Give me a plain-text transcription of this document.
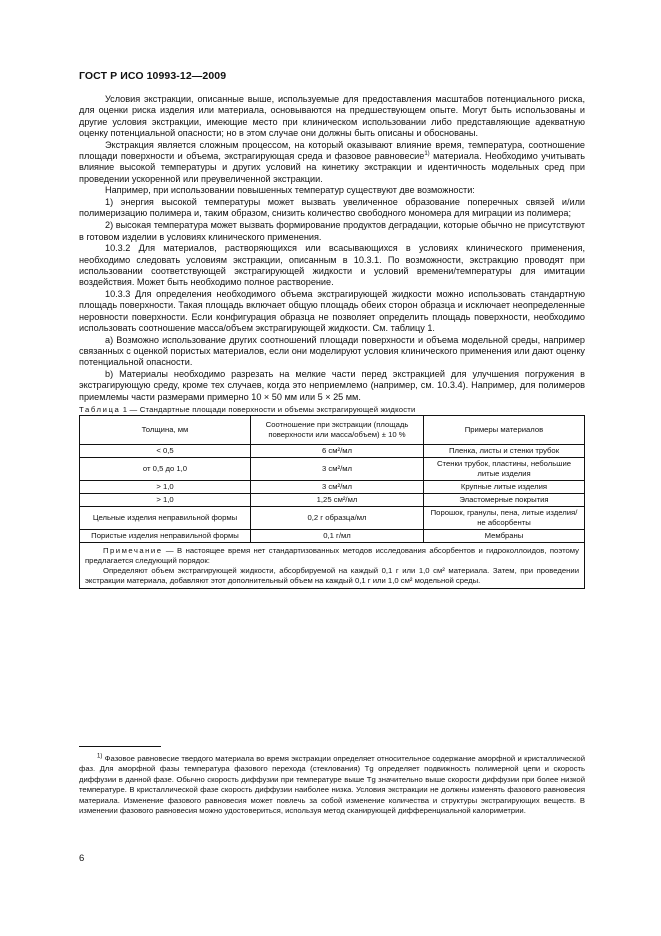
ГОСТ Р ИСО 10993-12—2009

Условия экстракции, описанные выше, используемые для предоставления масштабов потенциального риска, для оценки риска изделия или материала, основываются на предшествующем опыте. Могут быть использованы и другие условия экстракции, имеющие место при клиническом использовании либо представляющие адекватную оценку потенциальной опасности; но в этом случае они должны быть описаны и обоснованы.

Экстракция является сложным процессом, на который оказывают влияние время, температура, соотношение площади поверхности и объема, экстрагирующая среда и фазовое равновесие$^{1)}$ материала. Необходимо учитывать влияние высокой температуры и других условий на кинетику экстракции и идентичность модельных сред при проведении ускоренной или преувеличенной экстракции.

Например, при использовании повышенных температур существуют две возможности:

1) энергия высокой температуры может вызвать увеличенное образование поперечных связей и/или полимеризацию полимера и, таким образом, снизить количество свободного мономера для миграции из полимера;

2) высокая температура может вызвать формирование продуктов деградации, которые обычно не присутствуют в готовом изделии в условиях клинического применения.

10.3.2 Для материалов, растворяющихся или всасывающихся в условиях клинического применения, необходимо следовать условиям экстракции, описанным в 10.3.1. По возможности, экстракцию проводят при использовании соответствующей экстрагирующей жидкости и условий времени/температуры для имитации воздействия. Может быть необходимо полное растворение.

10.3.3 Для определения необходимого объема экстрагирующей жидкости можно использовать стандартную площадь поверхности. Такая площадь включает общую площадь обеих сторон образца и исключает неопределенные неровности поверхности. Если конфигурация образца не позволяет определить площадь поверхности, необходимо использовать соотношение масса/объем экстрагирующей жидкости. См. таблицу 1.

a) Возможно использование других соотношений площади поверхности и объема модельной среды, например связанных с оценкой пористых материалов, если они моделируют условия клинического применения или дают оценку потенциальной опасности.

b) Материалы необходимо разрезать на мелкие части перед экстракцией для улучшения погружения в экстрагирующую среду, кроме тех случаев, когда это неприемлемо (например, см. 10.3.4). Например, для полимеров приемлемы части размерами примерно 10 × 50 мм или 5 × 25 мм.

Таблица 1 — Стандартные площади поверхности и объемы экстрагирующей жидкости

Толщина, мм	Соотношение при экстракции (площадь поверхности или масса/объем) ± 10 %	Примеры материалов
< 0,5	6 см²/мл	Пленка, листы и стенки трубок
от 0,5 до 1,0	3 см²/мл	Стенки трубок, пластины, небольшие литые изделия
> 1,0	3 см²/мл	Крупные литые изделия
> 1,0	1,25 см²/мл	Эластомерные покрытия
Цельные изделия неправильной формы	0,2 г образца/мл	Порошок, гранулы, пена, литые изделия/не абсорбенты
Пористые изделия неправильной формы	0,1 г/мл	Мембраны

Примечание — В настоящее время нет стандартизованных методов исследования абсорбентов и гидроколлоидов, поэтому предлагается следующий порядок:
Определяют объем экстрагирующей жидкости, абсорбируемой на каждый 0,1 г или 1,0 см² материала. Затем, при проведении экстракции материала, добавляют этот дополнительный объем на каждый 0,1 г или 1,0 см² модельной среды.		
$^{1)}$ Фазовое равновесие твердого материала во время экстракции определяет относительное содержание аморфной и кристаллической фаз. Для аморфной фазы температура фазового перехода (стеклования) Tg определяет подвижность полимерной цепи и скорость диффузии в данной фазе. Обычно скорость диффузии при температуре выше Tg значительно выше скорости диффузии при более низкой температуре. В кристаллической фазе скорость диффузии наиболее низка. Условия экстракции не должны изменять фазового равновесия материала. Изменение фазового равновесия может повлечь за собой изменение количества и структуры экстрагирующих веществ. В изменении фазового равновесия можно удостовериться, используя метод сканирующей дифференциальной калориметрии.
6
